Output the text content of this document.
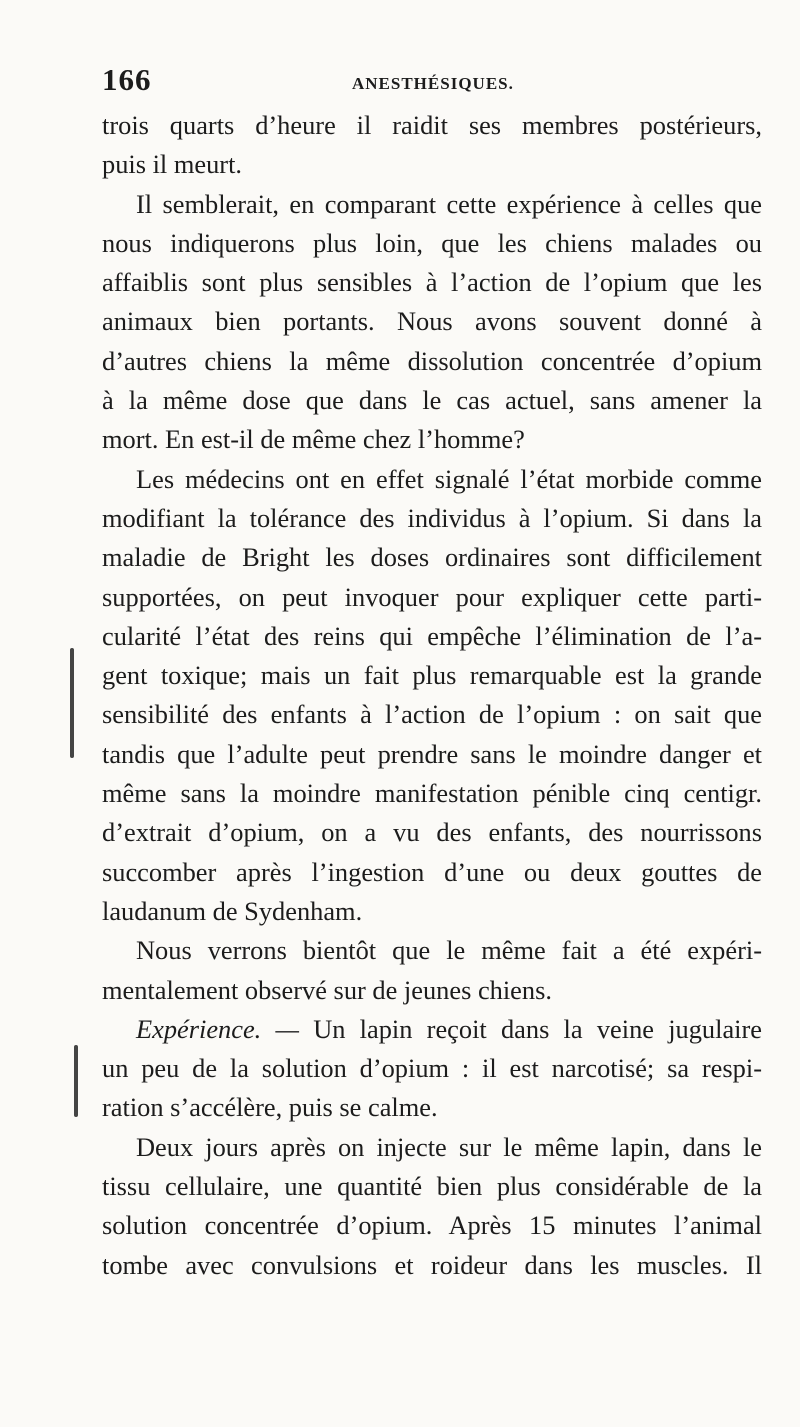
166	ANESTHÉSIQUES.
trois quarts d’heure il raidit ses membres postérieurs,
puis il meurt.
Il semblerait, en comparant cette expérience à celles que
nous indiquerons plus loin, que les chiens malades ou
affaiblis sont plus sensibles à l’action de l’opium que les
animaux bien portants. Nous avons souvent donné à
d’autres chiens la même dissolution concentrée d’opium
à la même dose que dans le cas actuel, sans amener la
mort. En est-il de même chez l’homme?
Les médecins ont en effet signalé l’état morbide comme
modifiant la tolérance des individus à l’opium. Si dans la
maladie de Bright les doses ordinaires sont difficilement
supportées, on peut invoquer pour expliquer cette parti-
cularité l’état des reins qui empêche l’élimination de l’a-
gent toxique; mais un fait plus remarquable est la grande
sensibilité des enfants à l’action de l’opium : on sait que
tandis que l’adulte peut prendre sans le moindre danger et
même sans la moindre manifestation pénible cinq centigr.
d’extrait d’opium, on a vu des enfants, des nourrissons
succomber après l’ingestion d’une ou deux gouttes de
laudanum de Sydenham.
Nous verrons bientôt que le même fait a été expéri-
mentalement observé sur de jeunes chiens.
Expérience. — Un lapin reçoit dans la veine jugulaire
un peu de la solution d’opium : il est narcotisé; sa respi-
ration s’accélère, puis se calme.
Deux jours après on injecte sur le même lapin, dans le
tissu cellulaire, une quantité bien plus considérable de la
solution concentrée d’opium. Après 15 minutes l’animal
tombe avec convulsions et roideur dans les muscles. Il
